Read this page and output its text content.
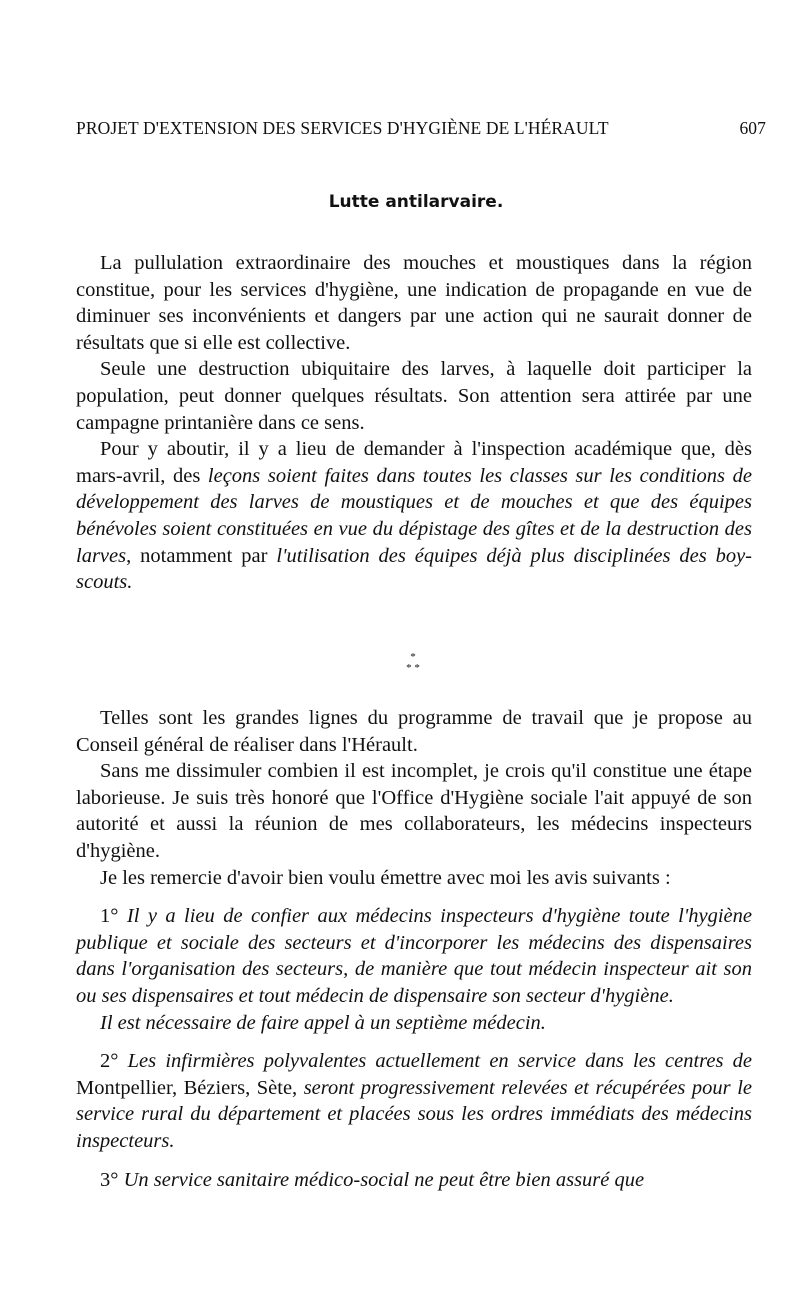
PROJET D'EXTENSION DES SERVICES D'HYGIÈNE DE L'HÉRAULT	607
Lutte antilarvaire.

La pullulation extraordinaire des mouches et moustiques dans la région constitue, pour les services d'hygiène, une indication de propagande en vue de diminuer ses inconvénients et dangers par une action qui ne saurait donner de résultats que si elle est collective.

Seule une destruction ubiquitaire des larves, à laquelle doit participer la population, peut donner quelques résultats. Son attention sera attirée par une campagne printanière dans ce sens.

Pour y aboutir, il y a lieu de demander à l'inspection académique que, dès mars-avril, des leçons soient faites dans toutes les classes sur les conditions de développement des larves de moustiques et de mouches et que des équipes bénévoles soient constituées en vue du dépistage des gîtes et de la destruction des larves, notamment par l'utilisation des équipes déjà plus disciplinées des boy-scouts.

*
* *

Telles sont les grandes lignes du programme de travail que je propose au Conseil général de réaliser dans l'Hérault.

Sans me dissimuler combien il est incomplet, je crois qu'il constitue une étape laborieuse. Je suis très honoré que l'Office d'Hygiène sociale l'ait appuyé de son autorité et aussi la réunion de mes collaborateurs, les médecins inspecteurs d'hygiène.

Je les remercie d'avoir bien voulu émettre avec moi les avis suivants :

1° Il y a lieu de confier aux médecins inspecteurs d'hygiène toute l'hygiène publique et sociale des secteurs et d'incorporer les médecins des dispensaires dans l'organisation des secteurs, de manière que tout médecin inspecteur ait son ou ses dispensaires et tout médecin de dispensaire son secteur d'hygiène.

Il est nécessaire de faire appel à un septième médecin.

2° Les infirmières polyvalentes actuellement en service dans les centres de Montpellier, Béziers, Sète, seront progressivement relevées et récupérées pour le service rural du département et placées sous les ordres immédiats des médecins inspecteurs.

3° Un service sanitaire médico-social ne peut être bien assuré que
